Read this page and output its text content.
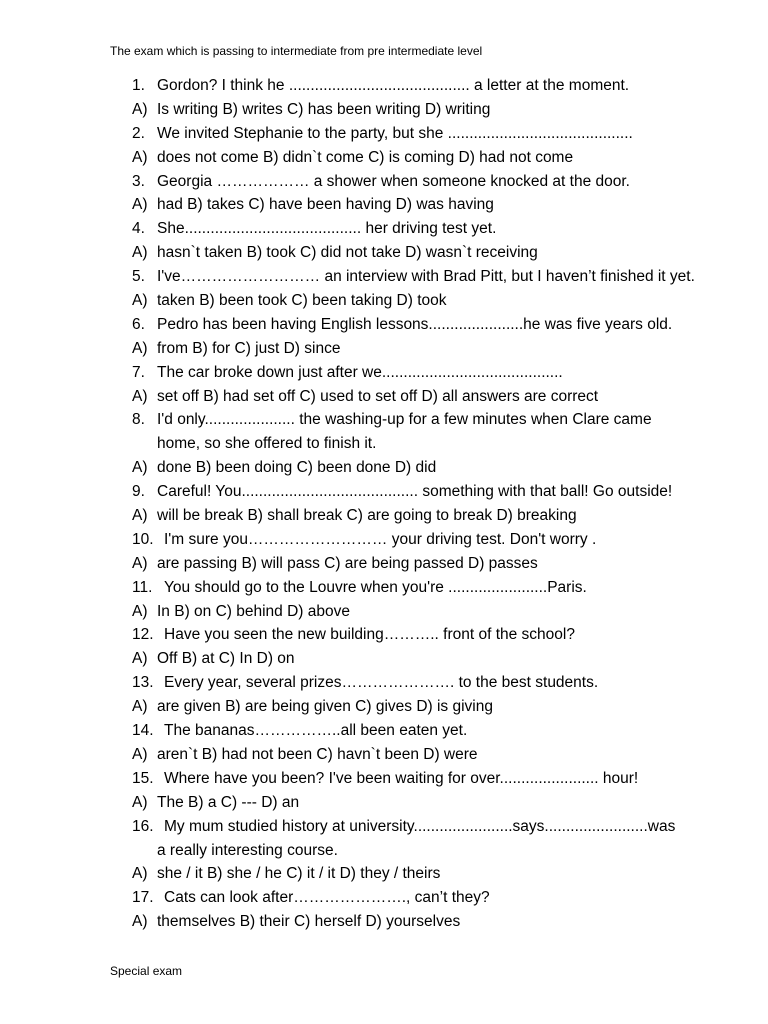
The exam which is passing to intermediate from pre intermediate level
1. Gordon? I think he .......................................... a letter at the moment.
A) Is writing B) writes C) has been writing D) writing
2. We invited Stephanie to the party, but she ...........................................
A) does not come B) didn`t come C) is coming D) had not come
3. Georgia ……………… a shower when someone knocked at the door.
A) had B) takes C) have been having D) was having
4. She......................................... her driving test yet.
A) hasn`t taken B) took C) did not take D) wasn`t receiving
5. I've……………………… an interview with Brad Pitt, but I haven’t finished it yet.
A) taken B) been took C) been taking D) took
6. Pedro has been having English lessons......................he was five years old.
A) from B) for C) just D) since
7. The car broke down just after we..........................................
A) set off B) had set off C) used to set off D) all answers are correct
8. I'd only..................... the washing-up for a few minutes when Clare came
home, so she offered to finish it.
A) done B) been doing C) been done D) did
9. Careful! You......................................... something with that ball! Go outside!
A) will be break B) shall break C) are going to break D) breaking
10. I'm sure you……………………… your driving test. Don't worry .
A) are passing B) will pass C) are being passed D) passes
11. You should go to the Louvre when you're .......................Paris.
A) In B) on C) behind D) above
12. Have you seen the new building……….. front of the school?
A) Off B) at C) In D) on
13. Every year, several prizes…………………. to the best students.
A) are given B) are being given C) gives D) is giving
14. The bananas……………..all been eaten yet.
A) aren`t B) had not been C) havn`t been D) were
15. Where have you been? I've been waiting for over....................... hour!
A) The B) a C) --- D) an
16. My mum studied history at university.......................says........................was
a really interesting course.
A) she / it B) she / he C) it / it D) they / theirs
17. Cats can look after…………………., can’t they?
A) themselves B) their C) herself D) yourselves
Special exam
